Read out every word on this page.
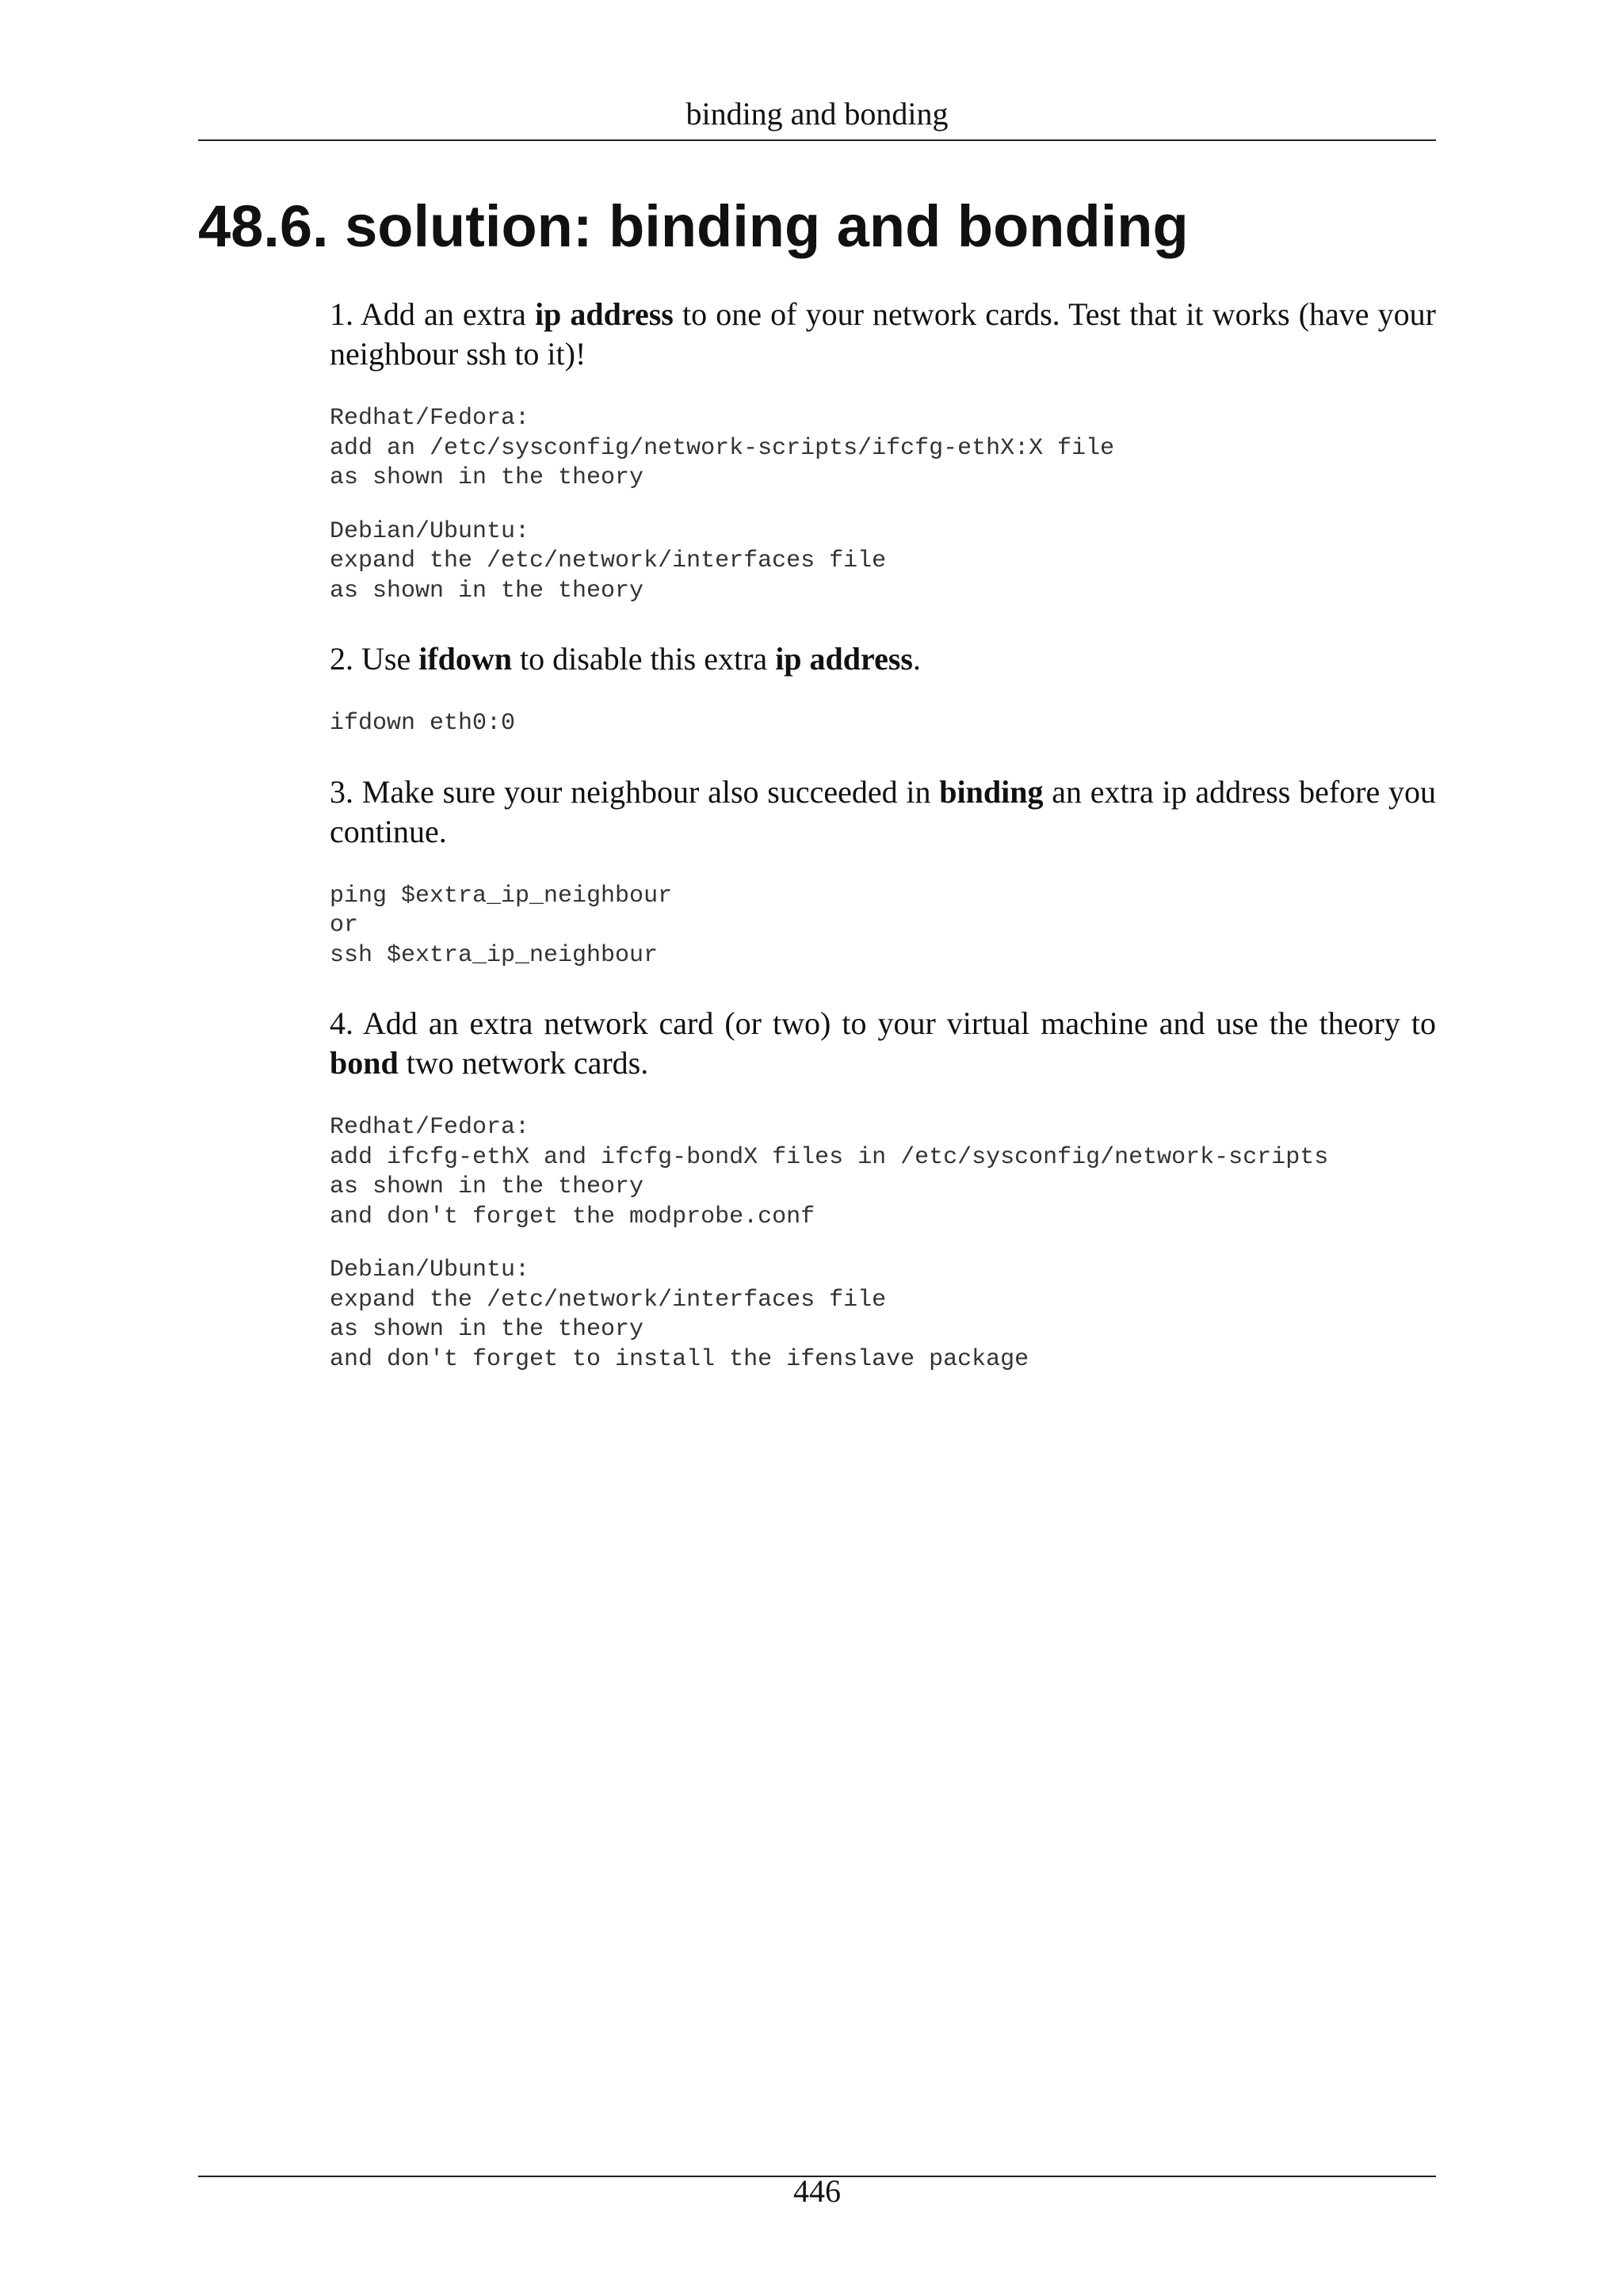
binding and bonding
48.6. solution: binding and bonding

1. Add an extra ip address to one of your network cards. Test that it works (have your neighbour ssh to it)!

Redhat/Fedora:
add an /etc/sysconfig/network-scripts/ifcfg-ethX:X file
as shown in the theory
Debian/Ubuntu:
expand the /etc/network/interfaces file
as shown in the theory

2. Use ifdown to disable this extra ip address.

ifdown eth0:0

3. Make sure your neighbour also succeeded in binding an extra ip address before you continue.

ping $extra_ip_neighbour
or
ssh $extra_ip_neighbour

4. Add an extra network card (or two) to your virtual machine and use the theory to bond two network cards.

Redhat/Fedora:
add ifcfg-ethX and ifcfg-bondX files in /etc/sysconfig/network-scripts
as shown in the theory
and don't forget the modprobe.conf
Debian/Ubuntu:
expand the /etc/network/interfaces file
as shown in the theory
and don't forget to install the ifenslave package
446
